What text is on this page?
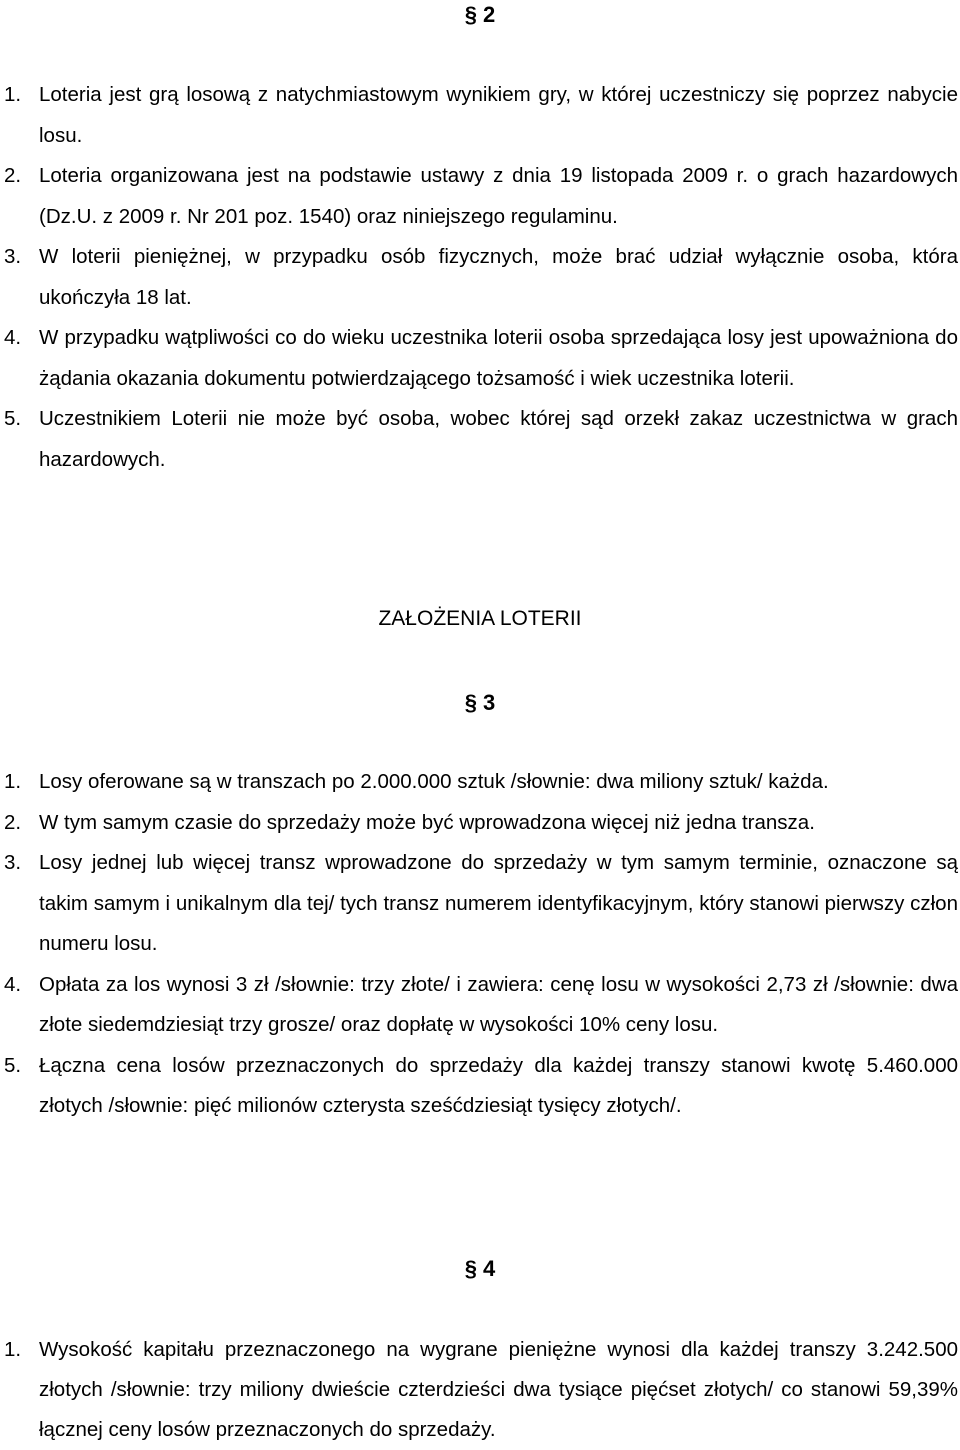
§ 2
1. Loteria jest grą losową z natychmiastowym wynikiem gry, w której uczestniczy się poprzez nabycie losu.
2. Loteria organizowana jest na podstawie ustawy z dnia 19 listopada 2009 r. o grach hazardowych (Dz.U. z 2009 r. Nr 201 poz. 1540) oraz niniejszego regulaminu.
3. W loterii pieniężnej, w przypadku osób fizycznych, może brać udział wyłącznie osoba, która ukończyła 18 lat.
4. W przypadku wątpliwości co do wieku uczestnika loterii osoba sprzedająca losy jest upoważniona do żądania okazania dokumentu potwierdzającego tożsamość i wiek uczestnika loterii.
5. Uczestnikiem Loterii nie może być osoba, wobec której sąd orzekł zakaz uczestnictwa w grach hazardowych.
ZAŁOŻENIA LOTERII
§ 3
1. Losy oferowane są w transzach po 2.000.000 sztuk /słownie: dwa miliony sztuk/ każda.
2. W tym samym czasie do sprzedaży może być wprowadzona więcej niż jedna transza.
3. Losy jednej lub więcej transz wprowadzone do sprzedaży w tym samym terminie, oznaczone są takim samym i unikalnym dla tej/ tych transz numerem identyfikacyjnym, który stanowi pierwszy człon numeru losu.
4. Opłata za los wynosi 3 zł /słownie: trzy złote/ i zawiera: cenę losu w wysokości 2,73 zł /słownie: dwa złote siedemdziesiąt trzy grosze/ oraz dopłatę w wysokości 10% ceny losu.
5. Łączna cena losów przeznaczonych do sprzedaży dla każdej transzy stanowi kwotę 5.460.000 złotych /słownie: pięć milionów czterysta sześćdziesiąt tysięcy złotych/.
§ 4
1. Wysokość kapitału przeznaczonego na wygrane pieniężne wynosi dla każdej transzy 3.242.500 złotych /słownie: trzy miliony dwieście czterdzieści dwa tysiące pięćset złotych/ co stanowi 59,39% łącznej ceny losów przeznaczonych do sprzedaży.
